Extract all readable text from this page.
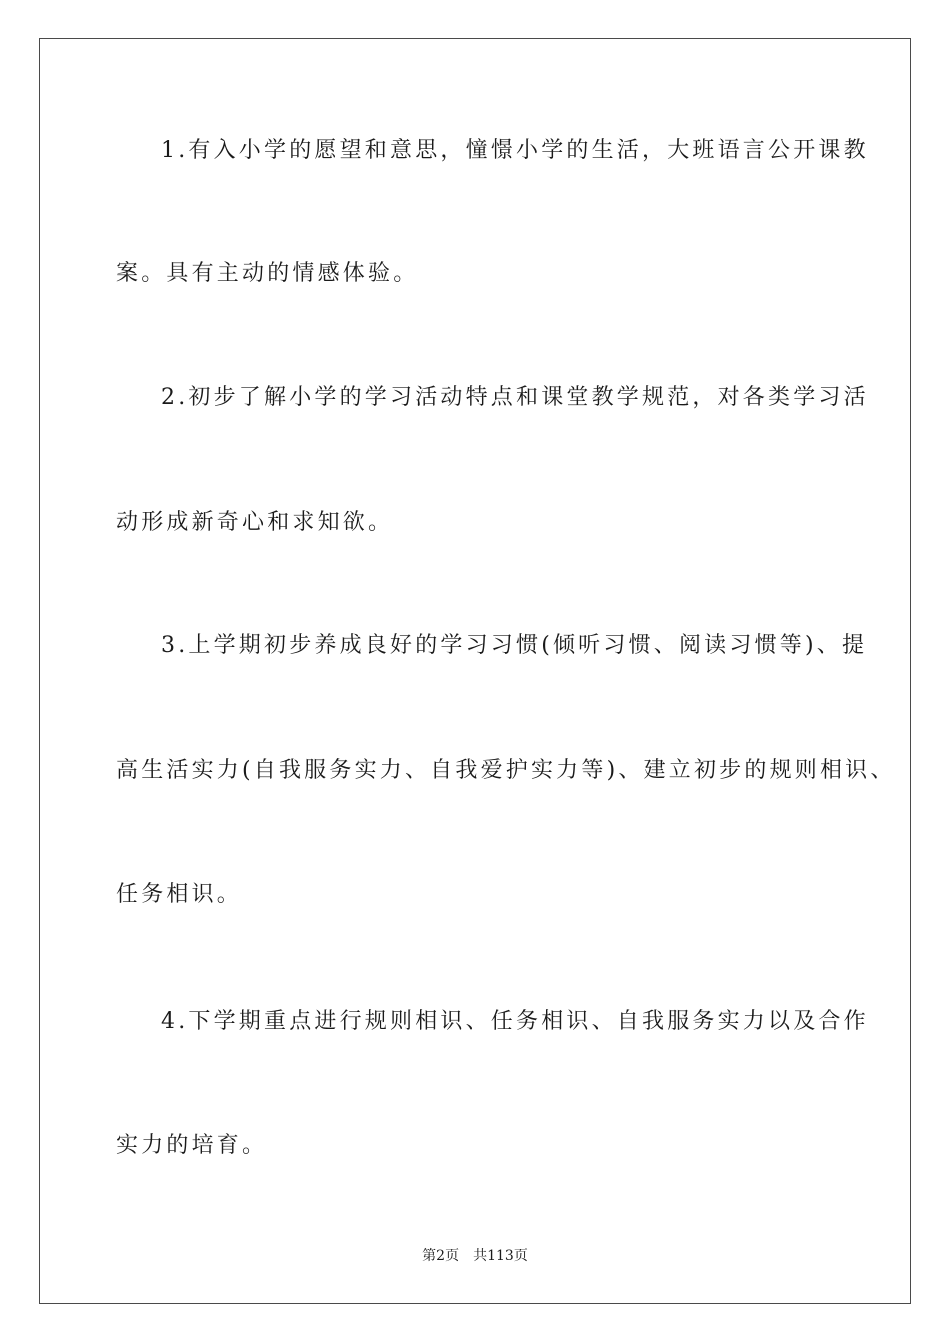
1.有入小学的愿望和意思，憧憬小学的生活，大班语言公开课教
案。具有主动的情感体验。
2.初步了解小学的学习活动特点和课堂教学规范，对各类学习活
动形成新奇心和求知欲。
3.上学期初步养成良好的学习习惯(倾听习惯、阅读习惯等)、提
高生活实力(自我服务实力、自我爱护实力等)、建立初步的规则相识、
任务相识。
4.下学期重点进行规则相识、任务相识、自我服务实力以及合作
实力的培育。
第2页 共113页
